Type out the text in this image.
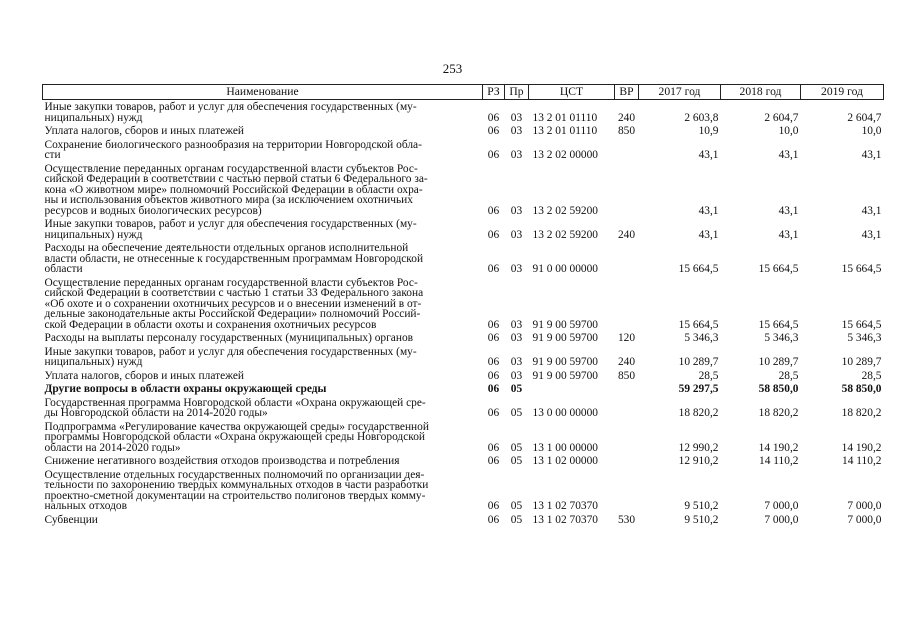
253
Наименование	РЗ	Пр	ЦСТ	ВР	2017 год	2018 год	2019 год
Иные закупки товаров, работ и услуг для обеспечения государственных (му-
ниципальных) нужд	06	03	13 2 01 01110	240	2 603,8	2 604,7	2 604,7
Уплата налогов, сборов и иных платежей	06	03	13 2 01 01110	850	10,9	10,0	10,0
Сохранение биологического разнообразия на территории Новгородской обла-
сти	06	03	13 2 02 00000		43,1	43,1	43,1
Осуществление переданных органам государственной власти субъектов Рос-
сийской Федерации в соответствии с частью первой статьи 6 Федерального за-
кона «О животном мире» полномочий Российской Федерации в области охра-
ны и использования объектов животного мира (за исключением охотничьих
ресурсов и водных биологических ресурсов)	06	03	13 2 02 59200		43,1	43,1	43,1
Иные закупки товаров, работ и услуг для обеспечения государственных (му-
ниципальных) нужд	06	03	13 2 02 59200	240	43,1	43,1	43,1
Расходы на обеспечение деятельности отдельных органов исполнительной
власти области, не отнесенные к государственным программам Новгородской
области	06	03	91 0 00 00000		15 664,5	15 664,5	15 664,5
Осуществление переданных органам государственной власти субъектов Рос-
сийской Федерации в соответствии с частью 1 статьи 33 Федерального закона
«Об охоте и о сохранении охотничьих ресурсов и о внесении изменений в от-
дельные законодательные акты Российской Федерации» полномочий Россий-
ской Федерации в области охоты и сохранения охотничьих ресурсов	06	03	91 9 00 59700		15 664,5	15 664,5	15 664,5
Расходы на выплаты персоналу государственных (муниципальных) органов	06	03	91 9 00 59700	120	5 346,3	5 346,3	5 346,3
Иные закупки товаров, работ и услуг для обеспечения государственных (му-
ниципальных) нужд	06	03	91 9 00 59700	240	10 289,7	10 289,7	10 289,7
Уплата налогов, сборов и иных платежей	06	03	91 9 00 59700	850	28,5	28,5	28,5
Другие вопросы в области охраны окружающей среды	06	05			59 297,5	58 850,0	58 850,0
Государственная программа Новгородской области «Охрана окружающей сре-
ды Новгородской области на 2014-2020 годы»	06	05	13 0 00 00000		18 820,2	18 820,2	18 820,2
Подпрограмма «Регулирование качества окружающей среды» государственной
программы Новгородской области «Охрана окружающей среды Новгородской
области на 2014-2020 годы»	06	05	13 1 00 00000		12 990,2	14 190,2	14 190,2
Снижение негативного воздействия отходов производства и потребления	06	05	13 1 02 00000		12 910,2	14 110,2	14 110,2
Осуществление отдельных государственных полномочий по организации дея-
тельности по захоронению твердых коммунальных отходов в части разработки
проектно-сметной документации на строительство полигонов твердых комму-
нальных отходов	06	05	13 1 02 70370		9 510,2	7 000,0	7 000,0
Субвенции	06	05	13 1 02 70370	530	9 510,2	7 000,0	7 000,0
